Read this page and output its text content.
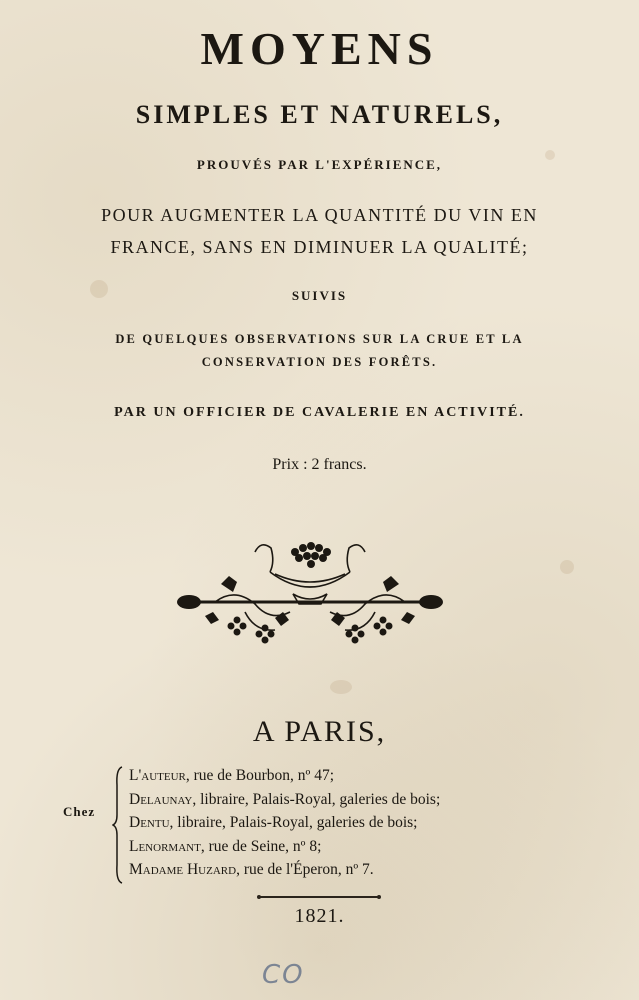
MOYENS
SIMPLES ET NATURELS,
PROUVÉS PAR L'EXPÉRIENCE,
POUR AUGMENTER LA QUANTITÉ DU VIN EN
FRANCE, SANS EN DIMINUER LA QUALITÉ;
SUIVIS
DE QUELQUES OBSERVATIONS SUR LA CRUE ET LA
CONSERVATION DES FORÊTS.
PAR UN OFFICIER DE CAVALERIE EN ACTIVITÉ.
Prix : 2 francs.
A PARIS,
Chez
L'auteur, rue de Bourbon, nº 47;
Delaunay, libraire, Palais-Royal, galeries de bois;
Dentu, libraire, Palais-Royal, galeries de bois;
Lenormant, rue de Seine, nº 8;
Madame Huzard, rue de l'Éperon, nº 7.
1821.
CO
